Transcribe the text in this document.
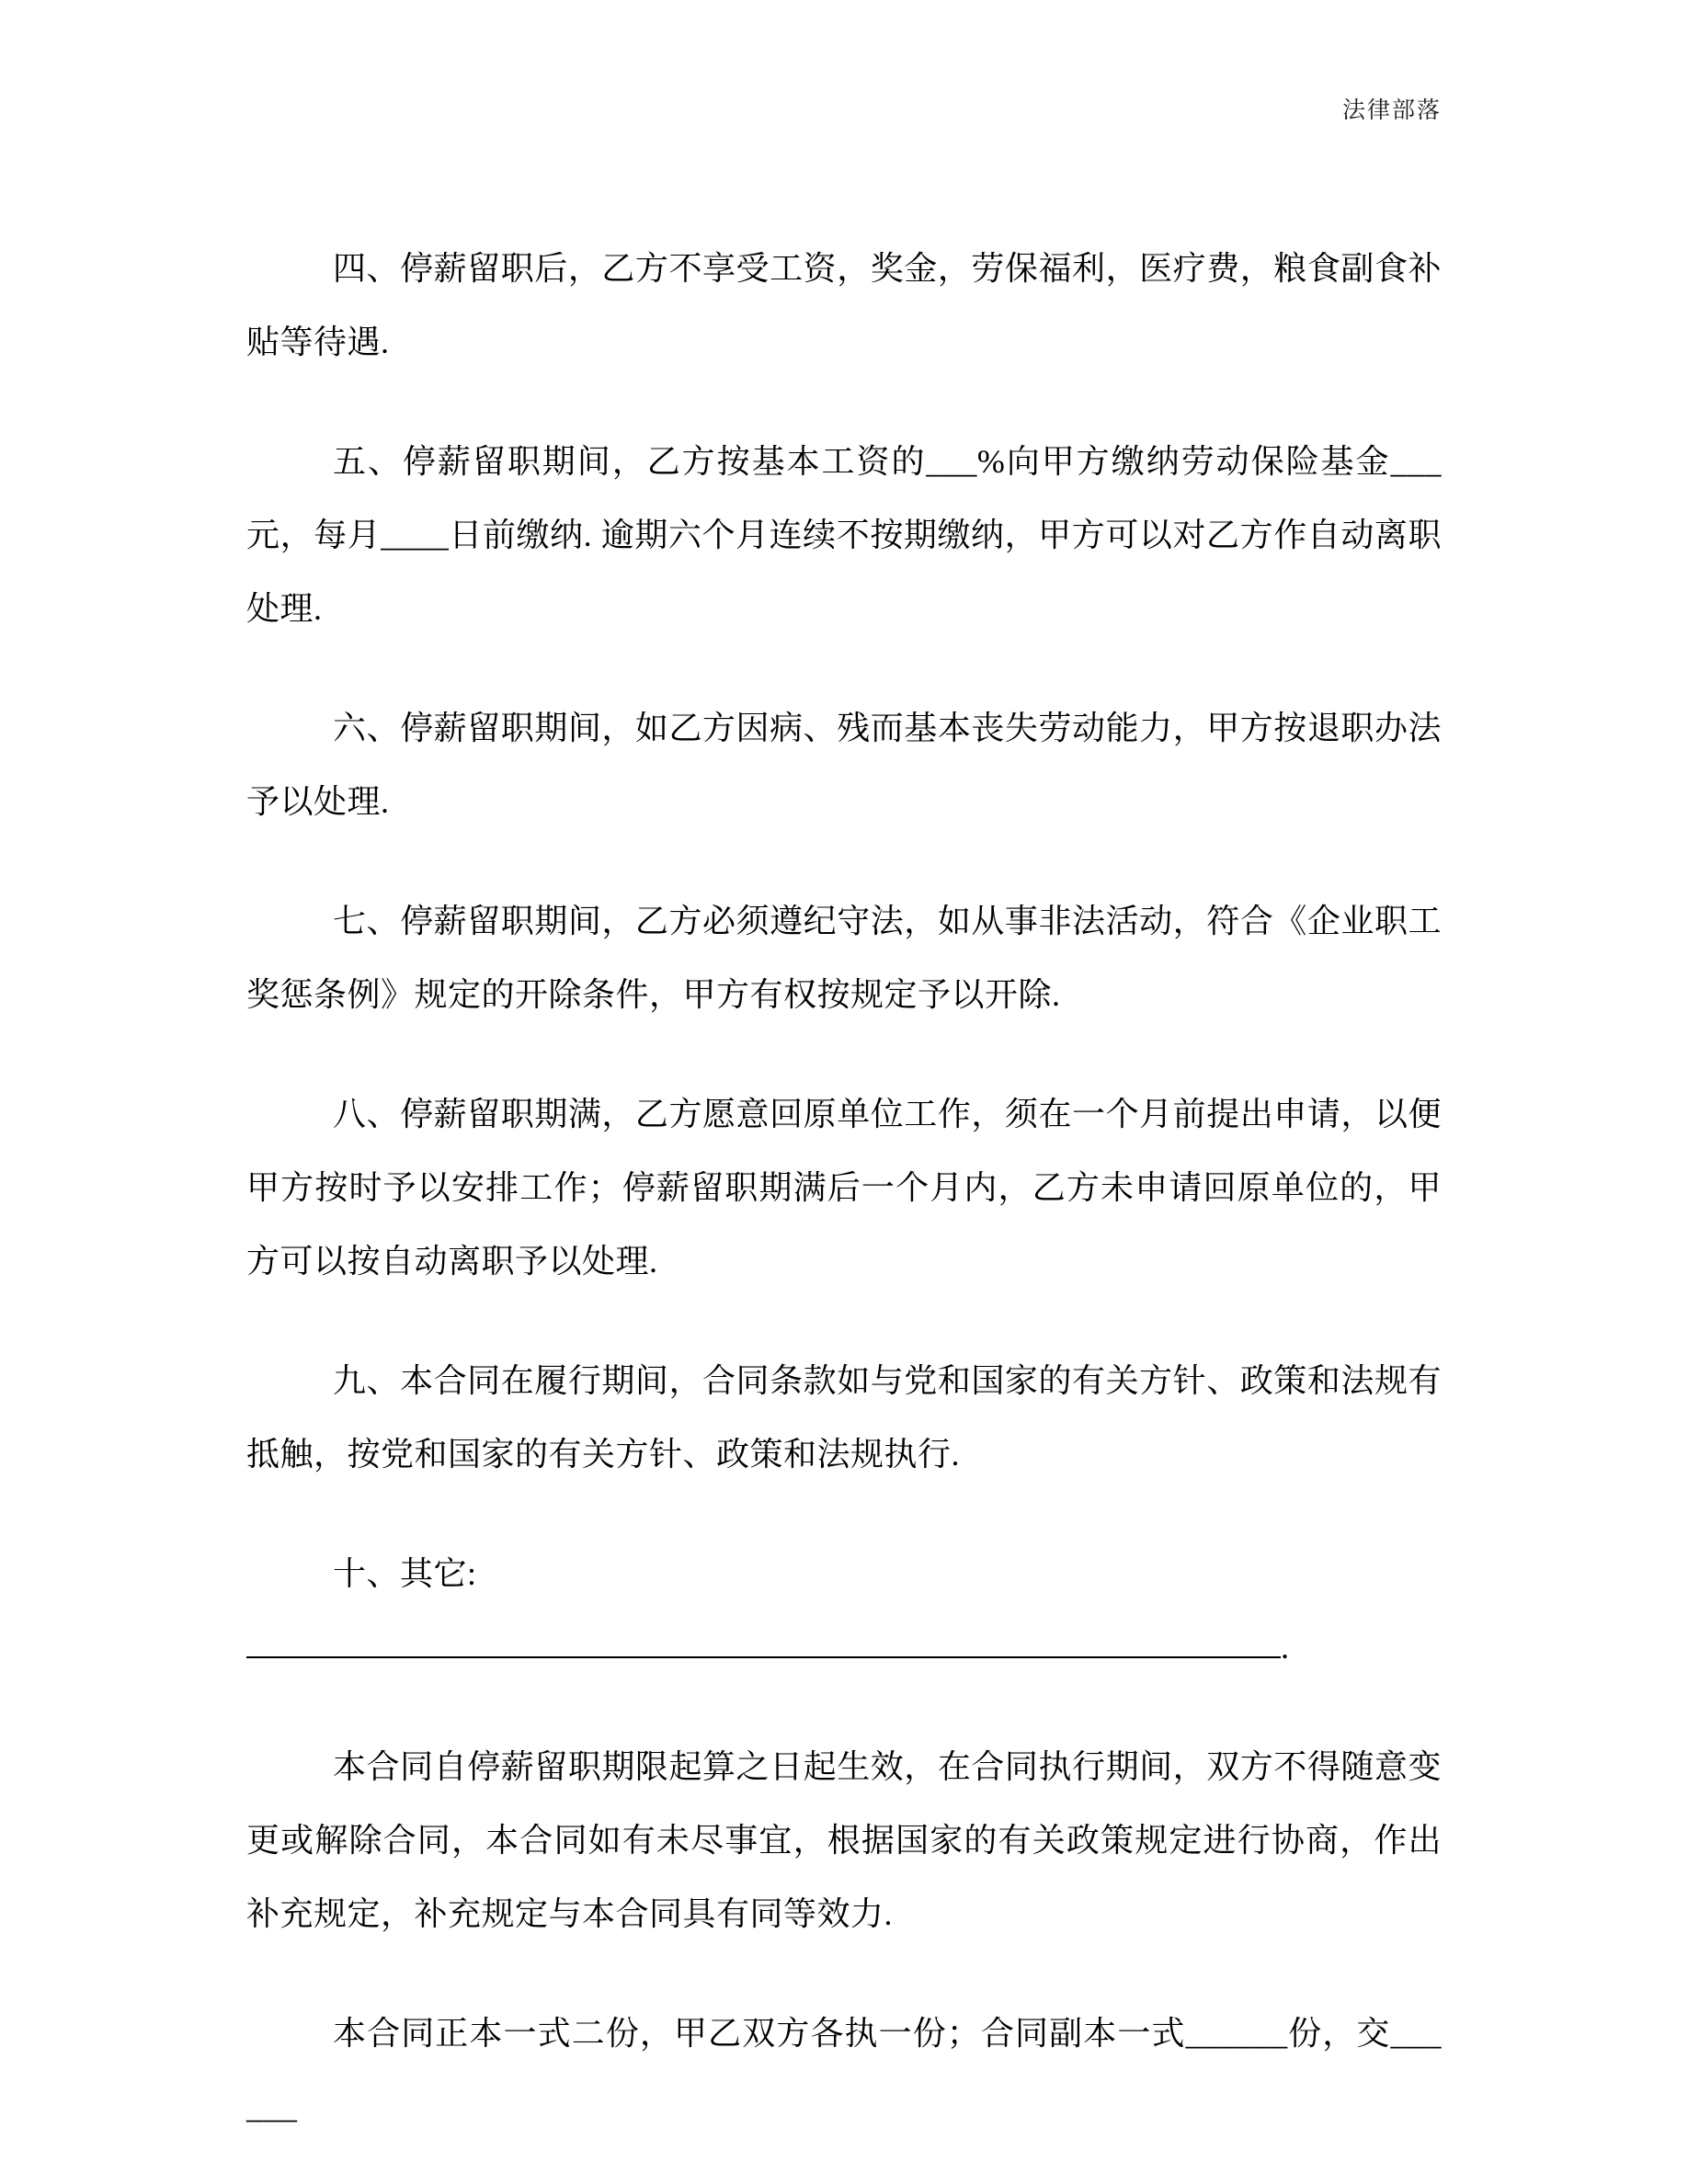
法律部落

四、停薪留职后，乙方不享受工资，奖金，劳保福利，医疗费，粮食副食补贴等待遇.

五、停薪留职期间，乙方按基本工资的___%向甲方缴纳劳动保险基金___元，每月____日前缴纳. 逾期六个月连续不按期缴纳，甲方可以对乙方作自动离职处理.

六、停薪留职期间，如乙方因病、残而基本丧失劳动能力，甲方按退职办法予以处理.

七、停薪留职期间，乙方必须遵纪守法，如从事非法活动，符合《企业职工奖惩条例》规定的开除条件，甲方有权按规定予以开除.

八、停薪留职期满，乙方愿意回原单位工作，须在一个月前提出申请，以便甲方按时予以安排工作；停薪留职期满后一个月内，乙方未申请回原单位的，甲方可以按自动离职予以处理.

九、本合同在履行期间，合同条款如与党和国家的有关方针、政策和法规有抵触，按党和国家的有关方针、政策和法规执行.

十、其它:
.

本合同自停薪留职期限起算之日起生效，在合同执行期间，双方不得随意变更或解除合同，本合同如有未尽事宜，根据国家的有关政策规定进行协商，作出补充规定，补充规定与本合同具有同等效力.

本合同正本一式二份，甲乙双方各执一份；合同副本一式______份，交______
